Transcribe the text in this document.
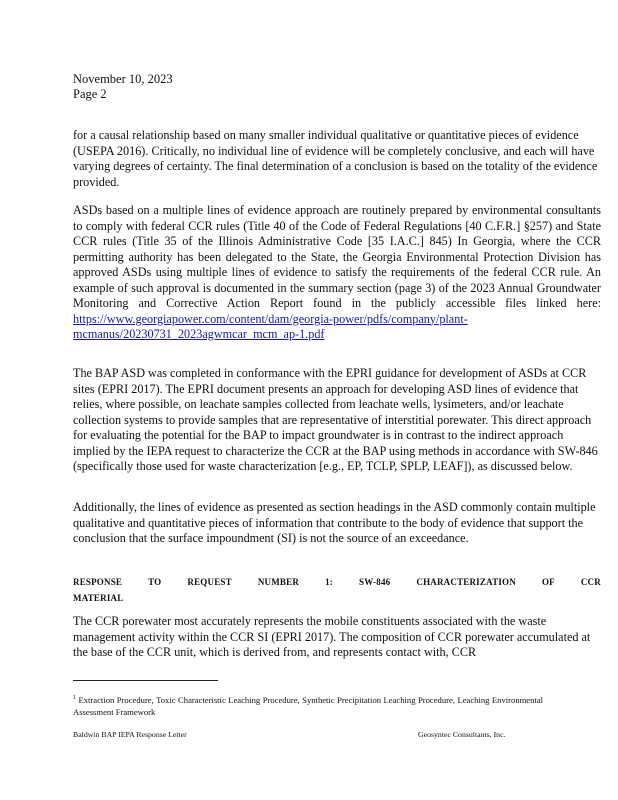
November 10, 2023
Page 2

for a causal relationship based on many smaller individual qualitative or quantitative pieces of evidence (USEPA 2016). Critically, no individual line of evidence will be completely conclusive, and each will have varying degrees of certainty. The final determination of a conclusion is based on the totality of the evidence provided.

ASDs based on a multiple lines of evidence approach are routinely prepared by environmental consultants to comply with federal CCR rules (Title 40 of the Code of Federal Regulations [40 C.F.R.] §257) and State CCR rules (Title 35 of the Illinois Administrative Code [35 I.A.C.] 845) In Georgia, where the CCR permitting authority has been delegated to the State, the Georgia Environmental Protection Division has approved ASDs using multiple lines of evidence to satisfy the requirements of the federal CCR rule. An example of such approval is documented in the summary section (page 3) of the 2023 Annual Groundwater Monitoring and Corrective Action Report found in the publicly accessible files linked here: https://www.georgiapower.com/content/dam/georgia-power/pdfs/company/plant-mcmanus/20230731_2023agwmcar_mcm_ap-1.pdf

The BAP ASD was completed in conformance with the EPRI guidance for development of ASDs at CCR sites (EPRI 2017). The EPRI document presents an approach for developing ASD lines of evidence that relies, where possible, on leachate samples collected from leachate wells, lysimeters, and/or leachate collection systems to provide samples that are representative of interstitial porewater. This direct approach for evaluating the potential for the BAP to impact groundwater is in contrast to the indirect approach implied by the IEPA request to characterize the CCR at the BAP using methods in accordance with SW-846 (specifically those used for waste characterization [e.g., EP, TCLP, SPLP, LEAF]), as discussed below.

Additionally, the lines of evidence as presented as section headings in the ASD commonly contain multiple qualitative and quantitative pieces of information that contribute to the body of evidence that support the conclusion that the surface impoundment (SI) is not the source of an exceedance.

RESPONSE	TO	REQUEST	NUMBER	1:	SW-846	CHARACTERIZATION	OF	CCR
MATERIAL

The CCR porewater most accurately represents the mobile constituents associated with the waste management activity within the CCR SI (EPRI 2017). The composition of CCR porewater accumulated at the base of the CCR unit, which is derived from, and represents contact with, CCR

$^1$ Extraction Procedure, Toxic Characteristic Leaching Procedure, Synthetic Precipitation Leaching Procedure, Leaching Environmental Assessment Framework
Baldwin BAP IEPA Response Letter	Geosyntec Consultants, Inc.
